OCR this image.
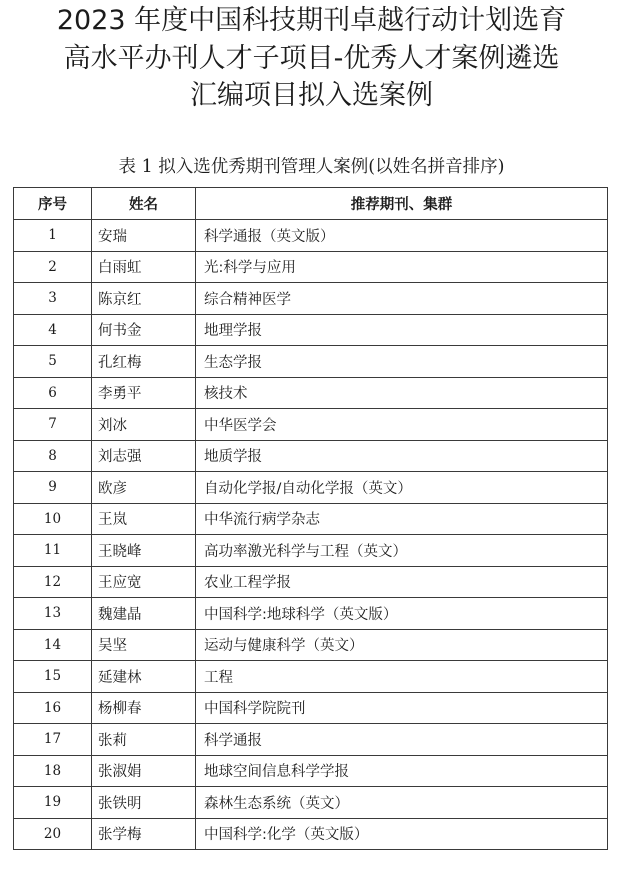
2023 年度中国科技期刊卓越行动计划选育

高水平办刊人才子项目-优秀人才案例遴选

汇编项目拟入选案例

表 1 拟入选优秀期刊管理人案例(以姓名拼音排序)
序号	姓名	推荐期刊、集群
1	安瑞	科学通报（英文版）
2	白雨虹	光:科学与应用
3	陈京红	综合精神医学
4	何书金	地理学报
5	孔红梅	生态学报
6	李勇平	核技术
7	刘冰	中华医学会
8	刘志强	地质学报
9	欧彦	自动化学报/自动化学报（英文）
10	王岚	中华流行病学杂志
11	王晓峰	高功率激光科学与工程（英文）
12	王应宽	农业工程学报
13	魏建晶	中国科学:地球科学（英文版）
14	吴坚	运动与健康科学（英文）
15	延建林	工程
16	杨柳春	中国科学院院刊
17	张莉	科学通报
18	张淑娟	地球空间信息科学学报
19	张铁明	森林生态系统（英文）
20	张学梅	中国科学:化学（英文版）
